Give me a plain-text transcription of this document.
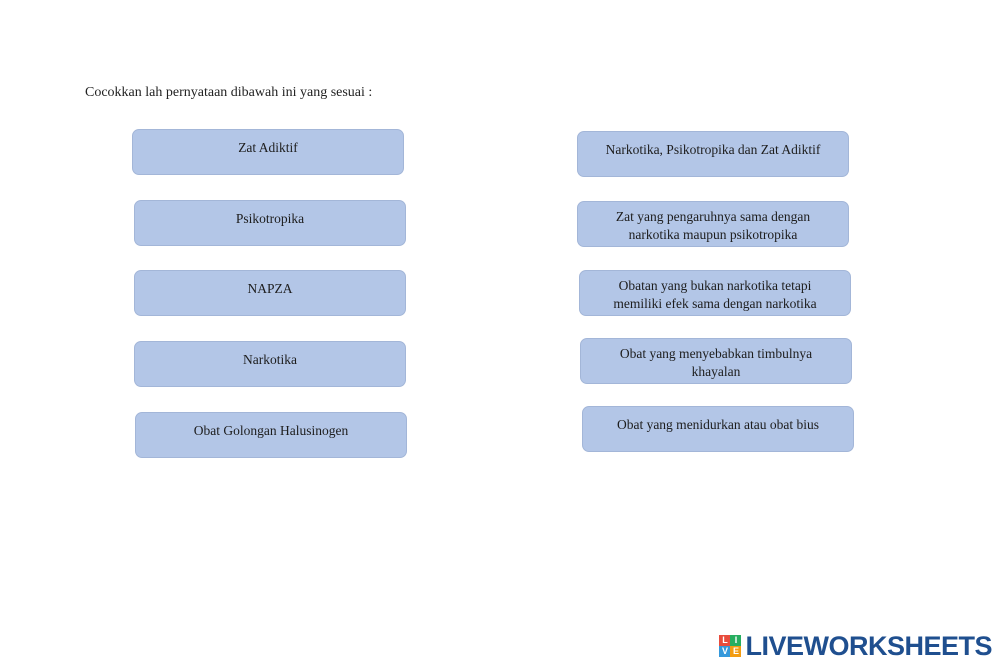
Cocokkan lah pernyataan dibawah ini yang sesuai :
Zat Adiktif
Psikotropika
NAPZA
Narkotika
Obat Golongan Halusinogen
Narkotika, Psikotropika dan Zat Adiktif
Zat yang pengaruhnya sama dengan
narkotika maupun psikotropika
Obatan yang bukan narkotika tetapi
memiliki efek sama dengan narkotika
Obat yang menyebabkan timbulnya
khayalan
Obat yang menidurkan atau obat bius
L I
V E LIVEWORKSHEETS
